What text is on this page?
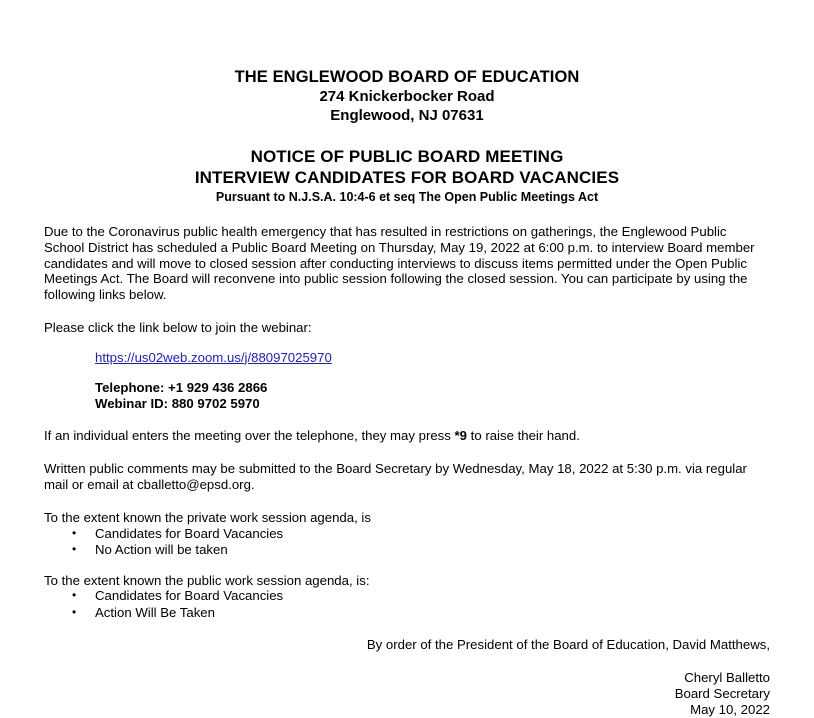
THE ENGLEWOOD BOARD OF EDUCATION
274 Knickerbocker Road
Englewood, NJ 07631
NOTICE OF PUBLIC BOARD MEETING
INTERVIEW CANDIDATES FOR BOARD VACANCIES
Pursuant to N.J.S.A. 10:4-6 et seq The Open Public Meetings Act
Due to the Coronavirus public health emergency that has resulted in restrictions on gatherings, the Englewood Public School District has scheduled a Public Board Meeting on Thursday, May 19, 2022 at 6:00 p.m. to interview Board member candidates and will move to closed session after conducting interviews to discuss items permitted under the Open Public Meetings Act. The Board will reconvene into public session following the closed session. You can participate by using the following links below.
Please click the link below to join the webinar:
https://us02web.zoom.us/j/88097025970
Telephone: +1 929 436 2866
Webinar ID: 880 9702 5970
If an individual enters the meeting over the telephone, they may press *9 to raise their hand.
Written public comments may be submitted to the Board Secretary by Wednesday, May 18, 2022 at 5:30 p.m. via regular mail or email at cballetto@epsd.org.
To the extent known the private work session agenda, is
• Candidates for Board Vacancies
• No Action will be taken
To the extent known the public work session agenda, is:
• Candidates for Board Vacancies
• Action Will Be Taken
By order of the President of the Board of Education, David Matthews,
Cheryl Balletto
Board Secretary
May 10, 2022
